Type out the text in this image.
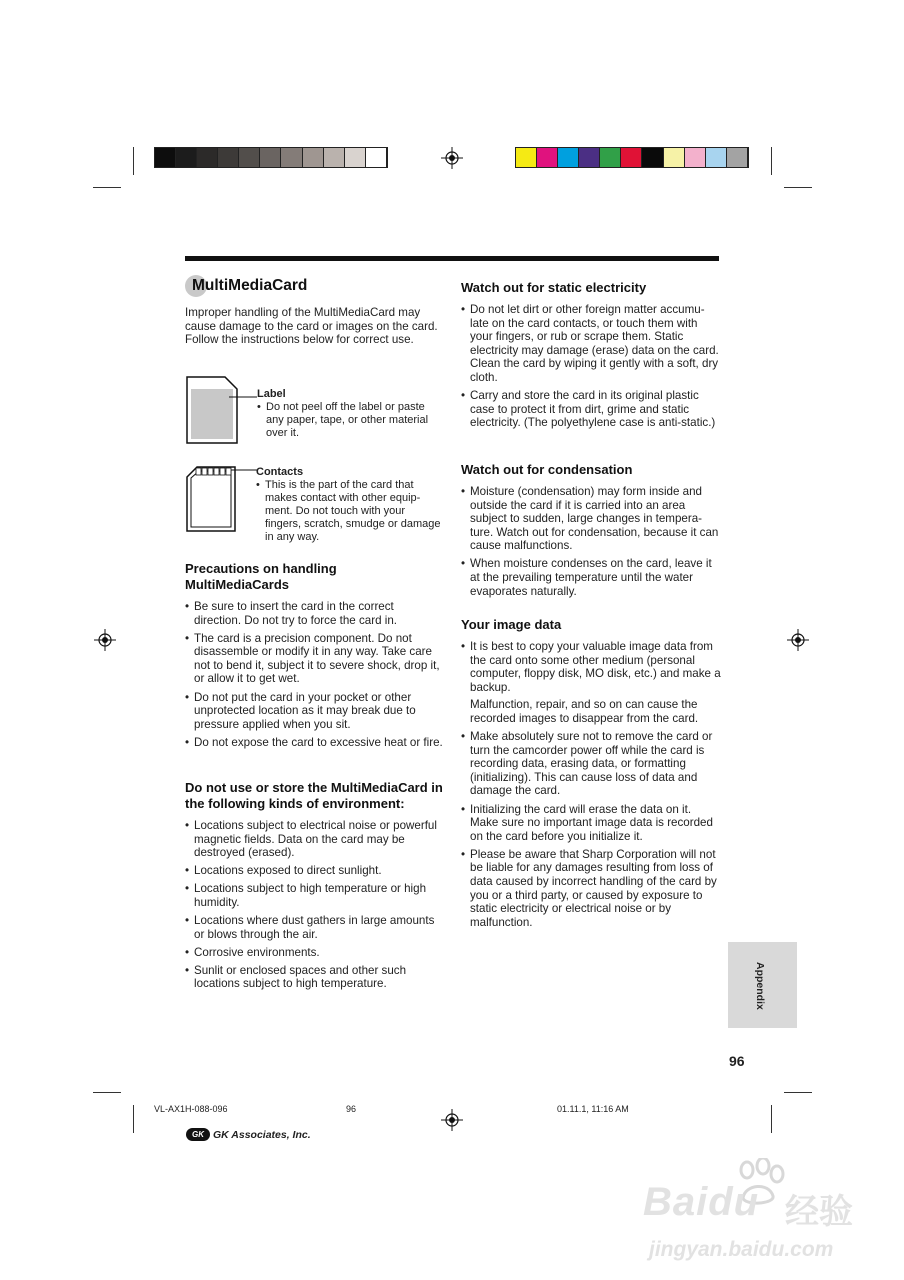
MultiMediaCard

Improper handling of the MultiMediaCard may cause damage to the card or images on the card. Follow the instructions below for correct use.

Label

• Do not peel off the label or paste any paper, tape, or other material over it.

Contacts

• This is the part of the card that makes contact with other equip-ment. Do not touch with your fingers, scratch, smudge or damage in any way.

Precautions on handling MultiMediaCards

• Be sure to insert the card in the correct direction. Do not try to force the card in.
• The card is a precision component. Do not disassemble or modify it in any way. Take care not to bend it, subject it to severe shock, drop it, or allow it to get wet.
• Do not put the card in your pocket or other unprotected location as it may break due to pressure applied when you sit.
• Do not expose the card to excessive heat or fire.

Do not use or store the MultiMediaCard in the following kinds of environment:

• Locations subject to electrical noise or powerful magnetic fields. Data on the card may be destroyed (erased).
• Locations exposed to direct sunlight.
• Locations subject to high temperature or high humidity.
• Locations where dust gathers in large amounts or blows through the air.
• Corrosive environments.
• Sunlit or enclosed spaces and other such locations subject to high temperature.

Watch out for static electricity

• Do not let dirt or other foreign matter accumu-late on the card contacts, or touch them with your fingers, or rub or scrape them. Static electricity may damage (erase) data on the card. Clean the card by wiping it gently with a soft, dry cloth.
• Carry and store the card in its original plastic case to protect it from dirt, grime and static electricity. (The polyethylene case is anti-static.)

Watch out for condensation

• Moisture (condensation) may form inside and outside the card if it is carried into an area subject to sudden, large changes in tempera-ture. Watch out for condensation, because it can cause malfunctions.
• When moisture condenses on the card, leave it at the prevailing temperature until the water evaporates naturally.

Your image data

• It is best to copy your valuable image data from the card onto some other medium (personal computer, floppy disk, MO disk, etc.) and make a backup.

Malfunction, repair, and so on can cause the recorded images to disappear from the card.

• Make absolutely sure not to remove the card or turn the camcorder power off while the card is recording data, erasing data, or formatting (initializing). This can cause loss of data and damage the card.
• Initializing the card will erase the data on it. Make sure no important image data is recorded on the card before you initialize it.
• Please be aware that Sharp Corporation will not be liable for any damages resulting from loss of data caused by incorrect handling of the card by you or a third party, or caused by exposure to static electricity or electrical noise or by malfunction.
Appendix
96
VL-AX1H-088-096	96	01.11.1, 11:16 AM
GK GK Associates, Inc.
Baidu 经验
jingyan.baidu.com
